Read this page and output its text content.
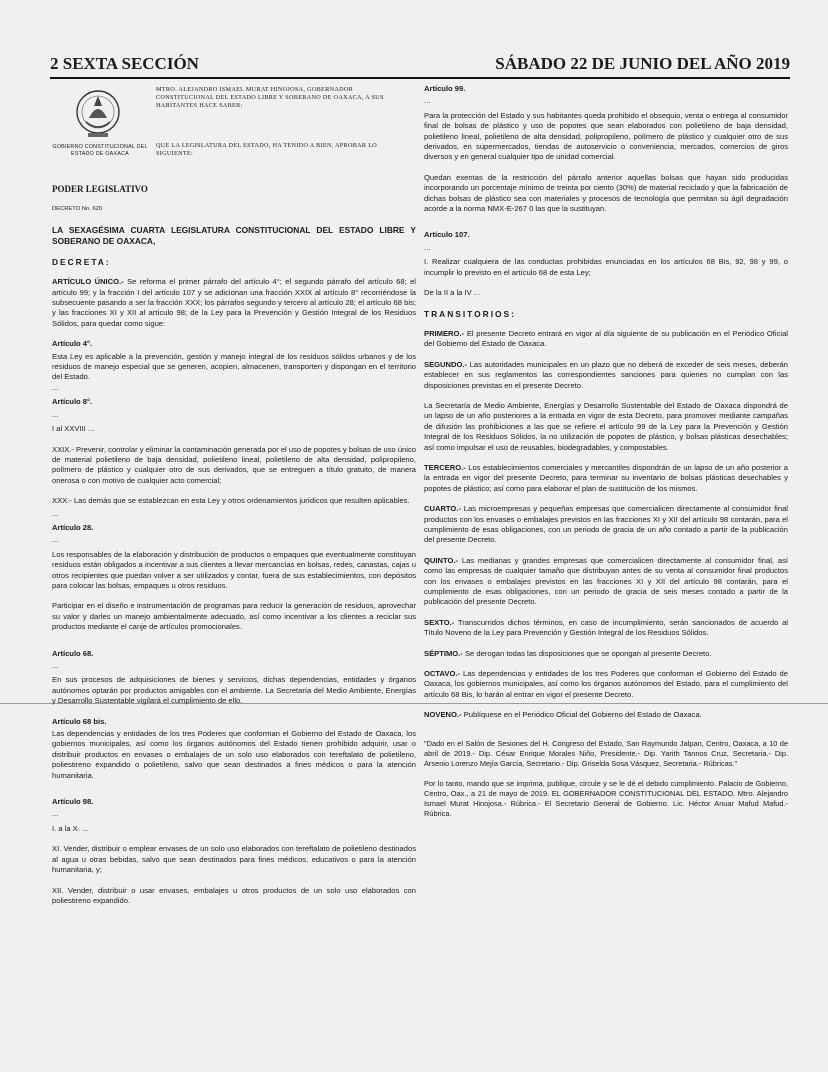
2 SEXTA SECCIÓN	SÁBADO 22 DE JUNIO DEL AÑO 2019
GOBIERNO CONSTITUCIONAL DEL ESTADO DE OAXACA
MTRO. ALEJANDRO ISMAEL MURAT HINOJOSA, GOBERNADOR CONSTITUCIONAL DEL ESTADO LIBRE Y SOBERANO DE OAXACA, A SUS HABITANTES HACE SABER:
QUE LA LEGISLATURA DEL ESTADO, HA TENIDO A BIEN, APROBAR LO SIGUIENTE:

PODER LEGISLATIVO

DECRETO No. 620

LA SEXAGÉSIMA CUARTA LEGISLATURA CONSTITUCIONAL DEL ESTADO LIBRE Y SOBERANO DE OAXACA,

DECRETA:

ARTÍCULO ÚNICO.- Se reforma el primer párrafo del artículo 4°; el segundo párrafo del artículo 68; el artículo 99; y la fracción I del artículo 107 y se adicionan una fracción XXIX al artículo 8° recorriéndose la subsecuente pasando a ser la fracción XXX; los párrafos segundo y tercero al artículo 28; el artículo 68 bis; y las fracciones XI y XII al artículo 98; de la Ley para la Prevención y Gestión Integral de los Residuos Sólidos, para quedar como sigue:

Artículo 4°.

Esta Ley es aplicable a la prevención, gestión y manejo integral de los residuos sólidos urbanos y de los residuos de manejo especial que se generen, acopien, almacenen, transporten y dispongan en el territorio del Estado.

...

Artículo 8°.

...

I al XXVIII ...

XXIX.- Prevenir, controlar y eliminar la contaminación generada por el uso de popotes y bolsas de uso único de material polietileno de baja densidad, polietileno lineal, polietileno de alta densidad, polipropileno, polímero de plástico y cualquier otro de sus derivados, que se entreguen a título gratuito, de manera onerosa o con motivo de cualquier acto comercial;

XXX.- Las demás que se establezcan en esta Ley y otros ordenamientos jurídicos que resulten aplicables.

...

Artículo 28.

...

Los responsables de la elaboración y distribución de productos o empaques que eventualmente constituyan residuos están obligados a incentivar a sus clientes a llevar mercancías en bolsas, redes, canastas, cajas u otros recipientes que puedan volver a ser utilizados y contar, fuera de sus establecimientos, con depósitos para colocar las bolsas, empaques u otros residuos.

Participar en el diseño e instrumentación de programas para reducir la generación de residuos, aprovechar su valor y darles un manejo ambientalmente adecuado, así como incentivar a los clientes a reciclar sus productos mediante el canje de artículos promocionales.

Artículo 68.

...

En sus procesos de adquisiciones de bienes y servicios, dichas dependencias, entidades y órganos autónomos optarán por productos amigables con el ambiente. La Secretaría del Medio Ambiente, Energías y Desarrollo Sustentable vigilará el cumplimiento de ello.

Artículo 68 bis.

Las dependencias y entidades de los tres Poderes que conforman el Gobierno del Estado de Oaxaca, los gobiernos municipales, así como los órganos autónomos del Estado tienen prohibido adquirir, usar o distribuir productos en envases o embalajes de un solo uso elaborados con tereftalato de polietileno, poliestireno expandido o polietileno, salvo que sean destinados a fines médicos o para la atención humanitaria.

Artículo 98.

...

I. a la X. ...

XI. Vender, distribuir o emplear envases de un solo uso elaborados con tereftalato de polietileno destinados al agua u otras bebidas, salvo que sean destinados para fines médicos, educativos o para la atención humanitaria, y;

XII. Vender, distribuir o usar envases, embalajes u otros productos de un solo uso elaborados con poliestireno expandido.

Artículo 99.

...

Para la protección del Estado y sus habitantes queda prohibido el obsequio, venta o entrega al consumidor final de bolsas de plástico y uso de popotes que sean elaborados con polietileno de baja densidad, polietileno lineal, polietileno de alta densidad, polipropileno, polímero de plástico y cualquier otro de sus derivados, en supermercados, tiendas de autoservicio o conveniencia, mercados, comercios de giros diversos y en general cualquier tipo de unidad comercial.

Quedan exentas de la restricción del párrafo anterior aquellas bolsas que hayan sido producidas incorporando un porcentaje mínimo de treinta por ciento (30%) de material reciclado y que la fabricación de dichas bolsas de plástico sea con materiales y procesos de tecnología que permitan su ágil degradación acorde a la norma NMX-E-267 0 las que la sustituyan.

Artículo 107.

...

I. Realizar cualquiera de las conductas prohibidas enunciadas en los artículos 68 Bis, 92, 98 y 99, o incumplir lo previsto en el artículo 68 de esta Ley;

De la II a la IV ...

TRANSITORIOS:

PRIMERO.- El presente Decreto entrará en vigor al día siguiente de su publicación en el Periódico Oficial del Gobierno del Estado de Oaxaca.

SEGUNDO.- Las autoridades municipales en un plazo que no deberá de exceder de seis meses, deberán establecer en sus reglamentos las correspondientes sanciones para quienes no cumplan con las disposiciones previstas en el presente Decreto.

La Secretaría de Medio Ambiente, Energías y Desarrollo Sustentable del Estado de Oaxaca dispondrá de un lapso de un año posteriores a la entrada en vigor de esta Decreto, para promover mediante campañas de difusión las prohibiciones a las que se refiere el artículo 99 de la Ley para la Prevención y Gestión Integral de los Residuos Sólidos, la no utilización de popotes de plástico, y bolsas plásticas desechables; así como impulsar el uso de reusables, biodegradables, y compostables.

TERCERO.- Los establecimientos comerciales y mercantiles dispondrán de un lapso de un año posterior a la entrada en vigor del presente Decreto, para terminar su inventario de bolsas plásticas desechables y popotes de plástico; así como para elaborar el plan de sustitución de los mismos.

CUARTO.- Las microempresas y pequeñas empresas que comercialicen directamente al consumidor final productos con los envases o embalajes previstos en las fracciones XI y XII del artículo 98 contarán, para el cumplimiento de esas obligaciones, con un periodo de gracia de un año contado a partir de la publicación del presente Decreto.

QUINTO.- Las medianas y grandes empresas que comercialicen directamente al consumidor final, así como las empresas de cualquier tamaño que distribuyan antes de su venta al consumidor final productos con los envases o embalajes previstos en las fracciones XI y XII del artículo 98 contarán, para el cumplimiento de esas obligaciones, con un periodo de gracia de seis meses contado a partir de la publicación del presente Decreto.

SEXTO.- Transcurridos dichos términos, en caso de incumplimiento, serán sancionados de acuerdo al Título Noveno de la Ley para Prevención y Gestión Integral de los Residuos Sólidos.

SÉPTIMO.- Se derogan todas las disposiciones que se opongan al presente Decreto.

OCTAVO.- Las dependencias y entidades de los tres Poderes que conforman el Gobierno del Estado de Oaxaca, los gobiernos municipales, así como los órganos autónomos del Estado, para el cumplimiento del artículo 68 Bis, lo harán al entrar en vigor el presente Decreto.

NOVENO.- Publíquese en el Periódico Oficial del Gobierno del Estado de Oaxaca.

"Dado en el Salón de Sesiones del H. Congreso del Estado, San Raymundo Jalpan, Centro, Oaxaca, a 10 de abril de 2019.- Dip. César Enrique Morales Niño, Presidente.- Dip. Yarith Tannos Cruz, Secretaria.- Dip. Arsenio Lorenzo Mejía García, Secretario.- Dip. Griselda Sosa Vásquez, Secretaria.- Rúbricas."

Por lo tanto, mando que se imprima, publique, circule y se le dé el debido cumplimiento. Palacio de Gobierno, Centro, Oax., a 21 de mayo de 2019. EL GOBERNADOR CONSTITUCIONAL DEL ESTADO. Mtro. Alejandro Ismael Murat Hinojosa.- Rúbrica.- El Secretario General de Gobierno. Lic. Héctor Anuar Mafud Mafud.- Rúbrica.
